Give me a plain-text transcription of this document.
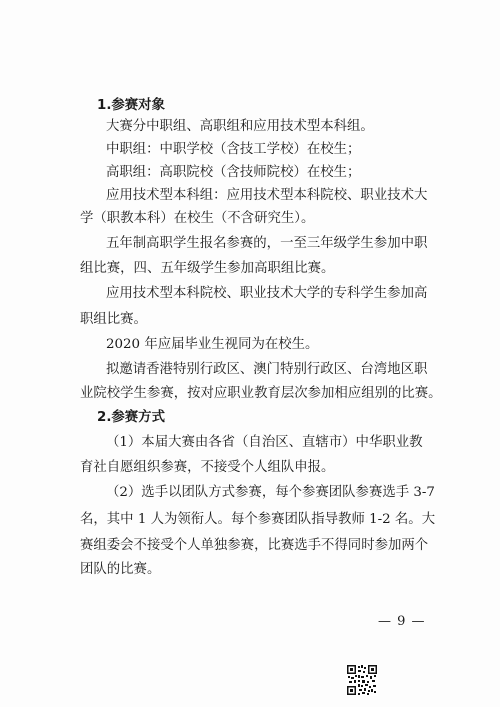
1.参赛对象
大赛分中职组、高职组和应用技术型本科组。
中职组：中职学校（含技工学校）在校生；
高职组：高职院校（含技师院校）在校生；
应用技术型本科组：应用技术型本科院校、职业技术大
学（职教本科）在校生（不含研究生）。
五年制高职学生报名参赛的，一至三年级学生参加中职
组比赛，四、五年级学生参加高职组比赛。
应用技术型本科院校、职业技术大学的专科学生参加高
职组比赛。
2020 年应届毕业生视同为在校生。
拟邀请香港特别行政区、澳门特别行政区、台湾地区职
业院校学生参赛，按对应职业教育层次参加相应组别的比赛。
2.参赛方式
（1）本届大赛由各省（自治区、直辖市）中华职业教
育社自愿组织参赛，不接受个人组队申报。
（2）选手以团队方式参赛，每个参赛团队参赛选手 3-7
名，其中 1 人为领衔人。每个参赛团队指导教师 1-2 名。大
赛组委会不接受个人单独参赛，比赛选手不得同时参加两个
团队的比赛。
— 9 —
